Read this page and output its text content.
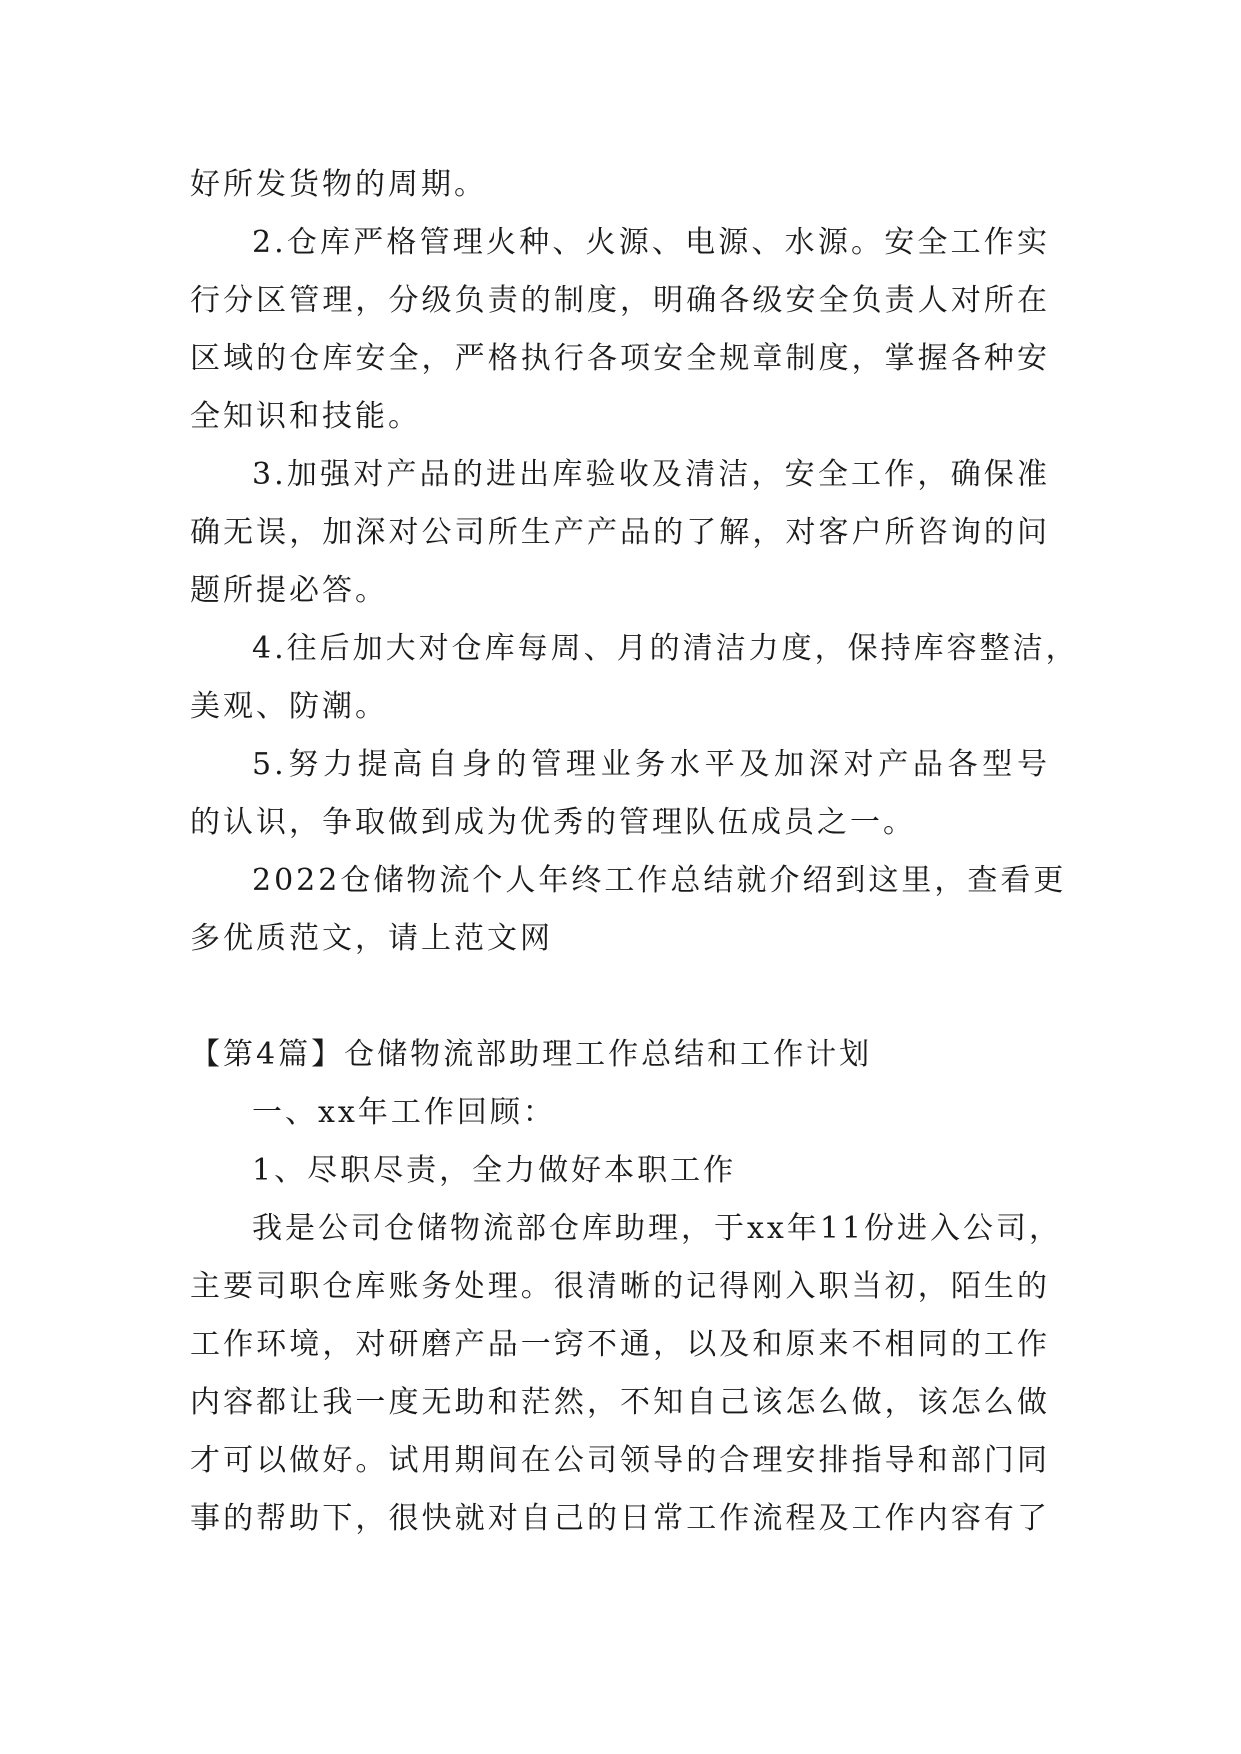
好所发货物的周期。
2.仓库严格管理火种、火源、电源、水源。安全工作实
行分区管理，分级负责的制度，明确各级安全负责人对所在
区域的仓库安全，严格执行各项安全规章制度，掌握各种安
全知识和技能。
3.加强对产品的进出库验收及清洁，安全工作，确保准
确无误，加深对公司所生产产品的了解，对客户所咨询的问
题所提必答。
4.往后加大对仓库每周、月的清洁力度，保持库容整洁，
美观、防潮。
5.努力提高自身的管理业务水平及加深对产品各型号
的认识，争取做到成为优秀的管理队伍成员之一。
2022仓储物流个人年终工作总结就介绍到这里，查看更
多优质范文，请上范文网
【第4篇】仓储物流部助理工作总结和工作计划
一、xx年工作回顾：
1、尽职尽责，全力做好本职工作
我是公司仓储物流部仓库助理，于xx年11份进入公司，
主要司职仓库账务处理。很清晰的记得刚入职当初，陌生的
工作环境，对研磨产品一窍不通，以及和原来不相同的工作
内容都让我一度无助和茫然，不知自己该怎么做，该怎么做
才可以做好。试用期间在公司领导的合理安排指导和部门同
事的帮助下，很快就对自己的日常工作流程及工作内容有了
